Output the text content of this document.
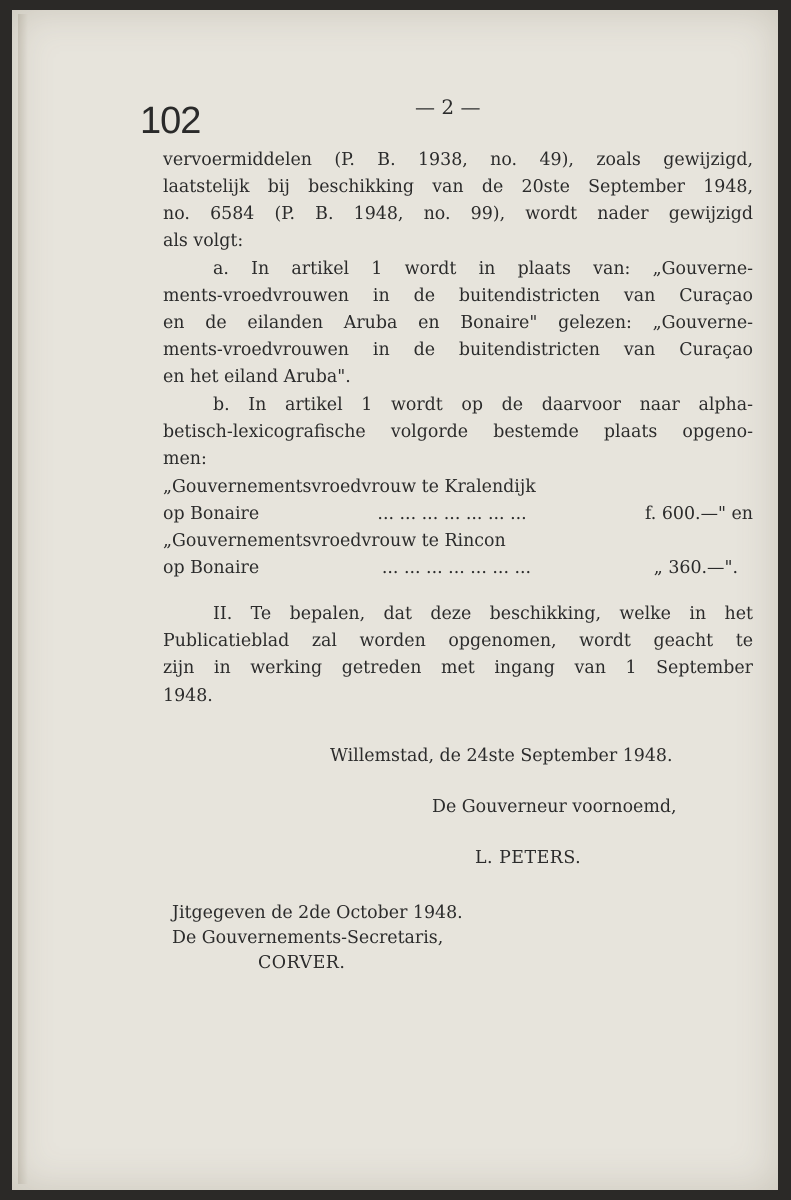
102	— 2 —
vervoermiddelen (P. B. 1938, no. 49), zoals gewijzigd,
laatstelijk bij beschikking van de 20ste September 1948,
no. 6584 (P. B. 1948, no. 99), wordt nader gewijzigd
als volgt:
a. In artikel 1 wordt in plaats van: „Gouverne-
ments-vroedvrouwen in de buitendistricten van Curaçao
en de eilanden Aruba en Bonaire" gelezen: „Gouverne-
ments-vroedvrouwen in de buitendistricten van Curaçao
en het eiland Aruba".
b. In artikel 1 wordt op de daarvoor naar alpha-
betisch-lexicografische volgorde bestemde plaats opgeno-
men:
„Gouvernementsvroedvrouw te Kralendijk
op Bonaire	... ... ... ... ... ... ...	f. 600.—" en
„Gouvernementsvroedvrouw te Rincon
op Bonaire	... ... ... ... ... ... ...	„ 360.—".
II. Te bepalen, dat deze beschikking, welke in het
Publicatieblad zal worden opgenomen, wordt geacht te
zijn in werking getreden met ingang van 1 September
1948.
Willemstad, de 24ste September 1948.
De Gouverneur voornoemd,
L. PETERS.
Jitgegeven de 2de October 1948.
De Gouvernements-Secretaris,
CORVER.
